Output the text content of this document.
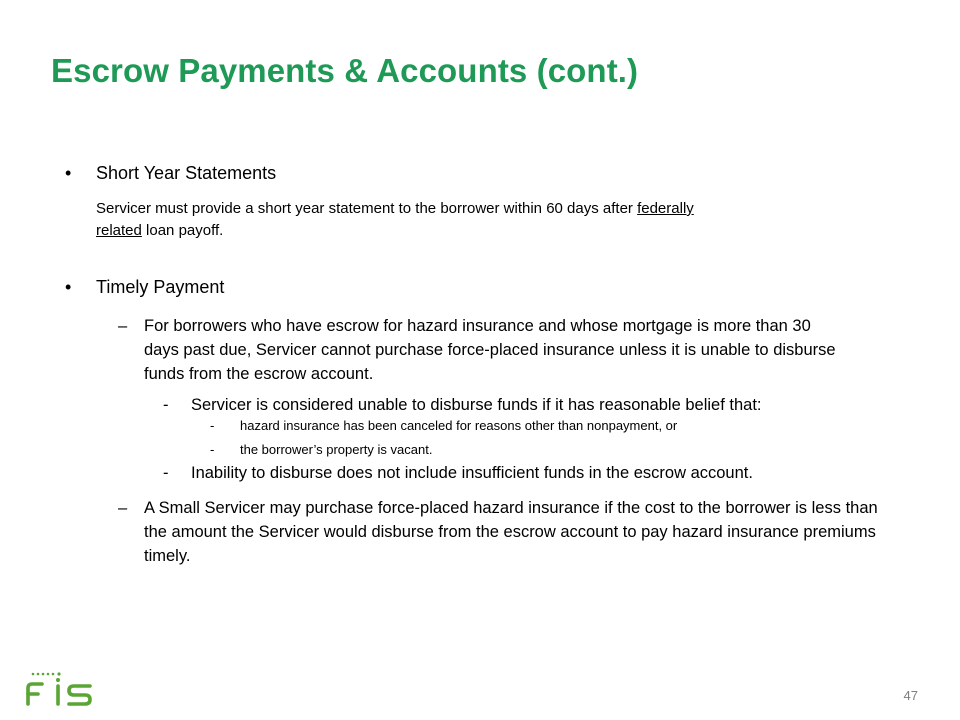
Escrow Payments & Accounts (cont.)
• Short Year Statements
Servicer must provide a short year statement to the borrower within 60 days after federally
related loan payoff.
• Timely Payment
‒ For borrowers who have escrow for hazard insurance and whose mortgage is more than 30 days past due, Servicer cannot purchase force-placed insurance unless it is unable to disburse funds from the escrow account.
- Servicer is considered unable to disburse funds if it has reasonable belief that:
- hazard insurance has been canceled for reasons other than nonpayment, or
- the borrower’s property is vacant.
- Inability to disburse does not include insufficient funds in the escrow account.
‒ A Small Servicer may purchase force-placed hazard insurance if the cost to the borrower is less than the amount the Servicer would disburse from the escrow account to pay hazard insurance premiums timely.
47
